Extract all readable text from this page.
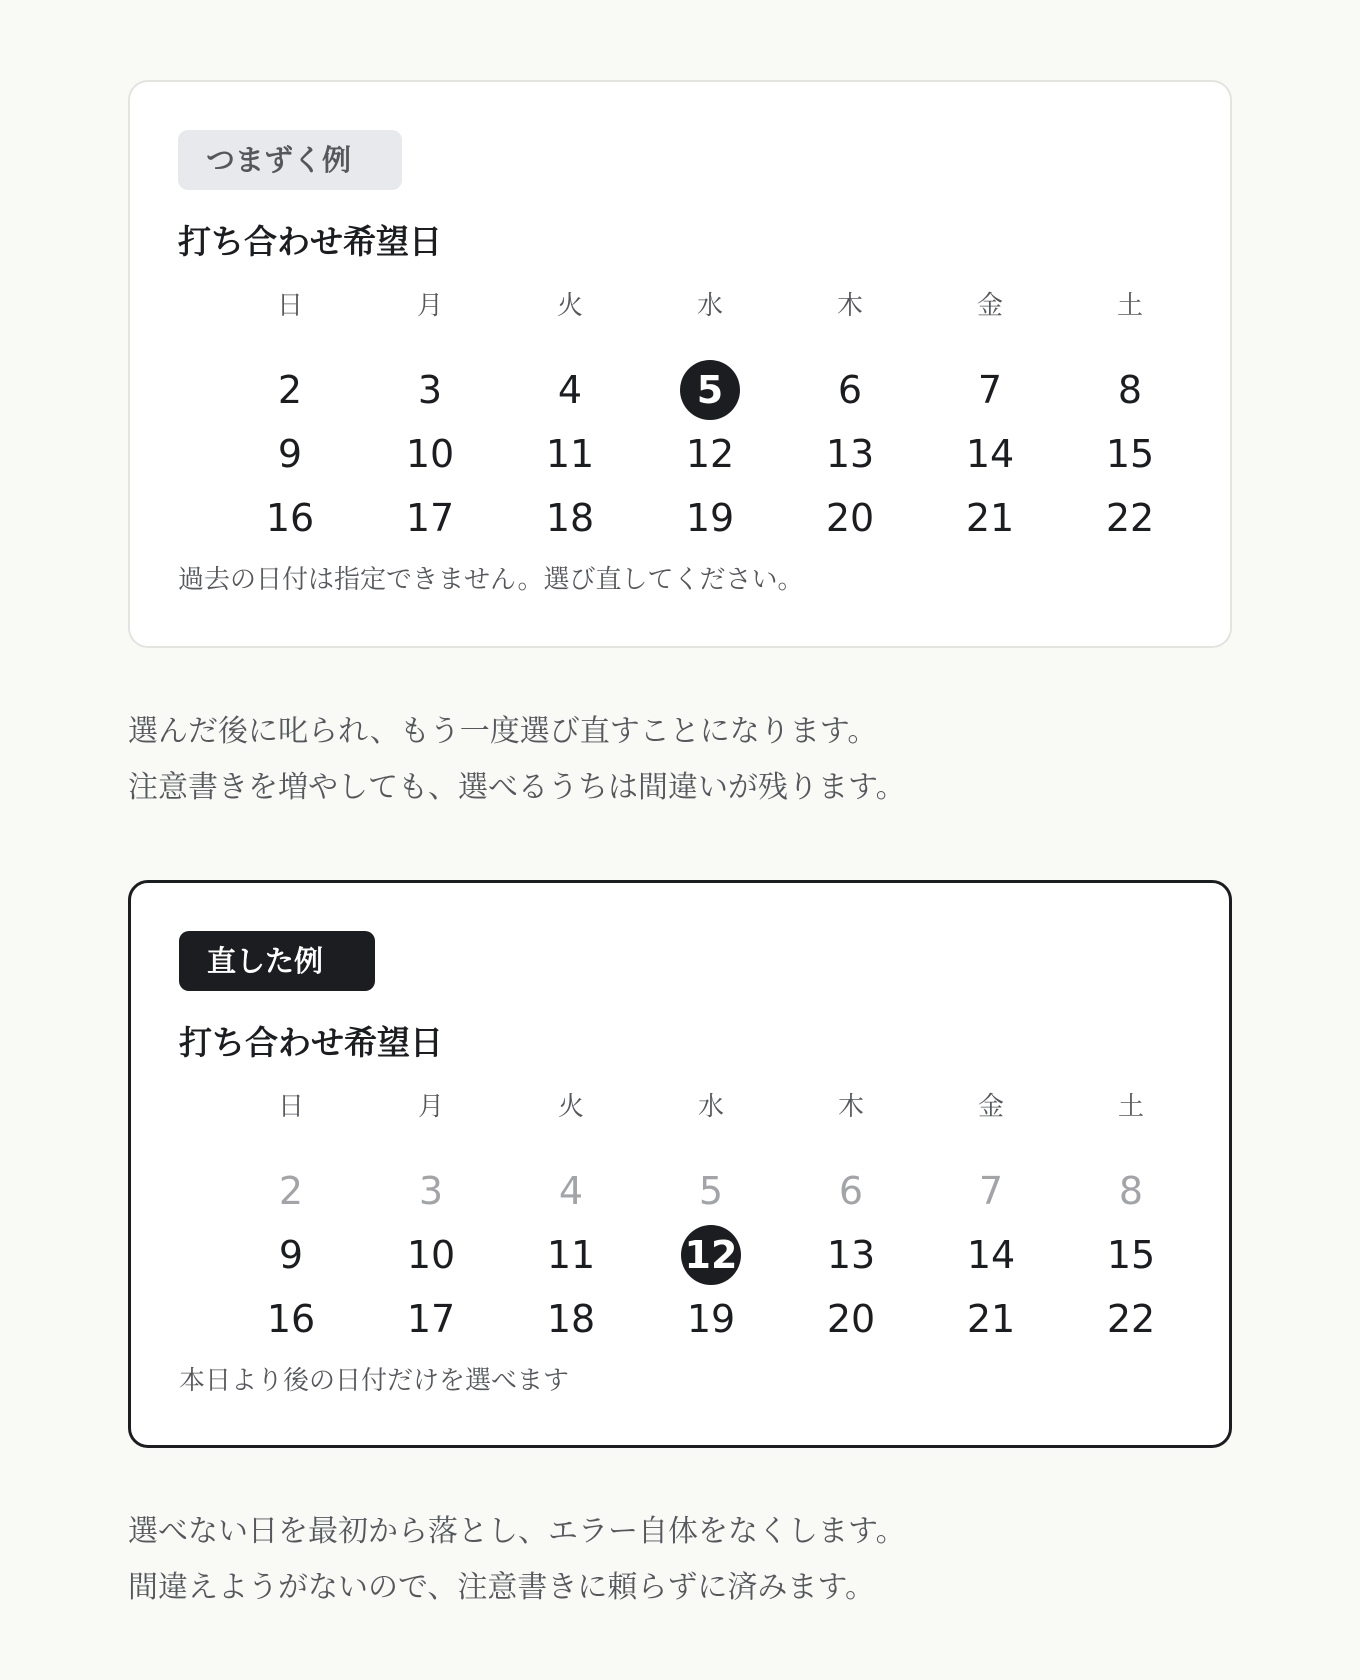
つまずく例
打ち合わせ希望日
日	月	火	水	木	金	土
2	3	4	5	6	7	8
9	10 11 12 13 14 15
16 17 18 19 20 21 22
過去の日付は指定できません。選び直してください。

選んだ後に叱られ、もう一度選び直すことになります。

注意書きを増やしても、選べるうちは間違いが残ります。

直した例
打ち合わせ希望日
日	月	火	水	木	金	土
2	3	4	5	6	7	8
9	10 11 12 13 14 15
16 17 18 19 20 21 22
本日より後の日付だけを選べます

選べない日を最初から落とし、エラー自体をなくします。

間違えようがないので、注意書きに頼らずに済みます。
